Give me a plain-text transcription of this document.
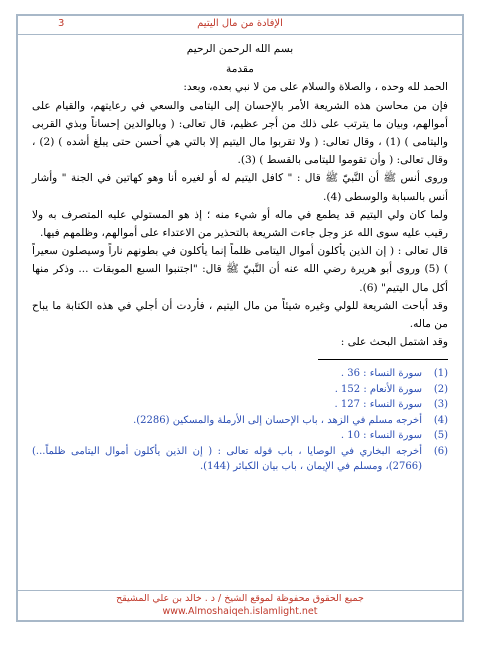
3	الإفادة من مال اليتيم

بسم الله الرحمن الرحيم

مقدمة

الحمد لله وحده ، والصلاة والسلام على من لا نبي بعده، وبعد:

فإن من محاسن هذه الشريعة الأمر بالإحسان إلى اليتامى والسعي في رعايتهم، والقيام على أموالهم، وبيان ما يترتب على ذلك من أجر عظيم، قال تعالى: ( وبالوالدين إحساناً وبذي القربى واليتامى ) (1) ، وقال تعالى: ( ولا تقربوا مال اليتيم إلا بالتي هي أحسن حتى يبلغ أشده ) (2) ، وقال تعالى: ( وأن تقوموا لليتامى بالقسط ) (3).

وروى أنس ﷺ أن النَّبيّ ﷺ قال : " كافل اليتيم له أو لغيره أنا وهو كهاتين في الجنة " وأشار أنس بالسبابة والوسطى (4).

ولما كان ولي اليتيم قد يطمع في ماله أو شيء منه ؛ إذ هو المستولي عليه المتصرف به ولا رقيب عليه سوى الله عز وجل جاءت الشريعة بالتحذير من الاعتداء على أموالهم، وظلمهم فيها.

قال تعالى : ( إن الذين يأكلون أموال اليتامى ظلماً إنما يأكلون في بطونهم ناراً وسيصلون سعيراً ) (5) وروى أبو هريرة رضي الله عنه أن النَّبيّ ﷺ قال: "اجتنبوا السبع الموبقات ... وذكر منها أكل مال اليتيم" (6).

وقد أباحت الشريعة للولي وغيره شيئاً من مال اليتيم ، فأردت أن أجلي في هذه الكتابة ما يباح من ماله.

وقد اشتمل البحث على :

(1)
سورة النساء : 36 .
(2)
سورة الأنعام : 152 .
(3)
سورة النساء : 127 .
(4)
أخرجه مسلم في الزهد ، باب الإحسان إلى الأرملة والمسكين (2286).
(5)
سورة النساء : 10 .
(6)
أخرجه البخاري في الوصايا ، باب قوله تعالى : ( إن الذين يأكلون أموال اليتامى ظلماً...) (2766)، ومسلم في الإيمان ، باب بيان الكبائر (144).
جميع الحقوق محفوظة لموقع الشيخ / د . خالد بن علي المشيقح
www.Almoshaiqeh.islamlight.net
